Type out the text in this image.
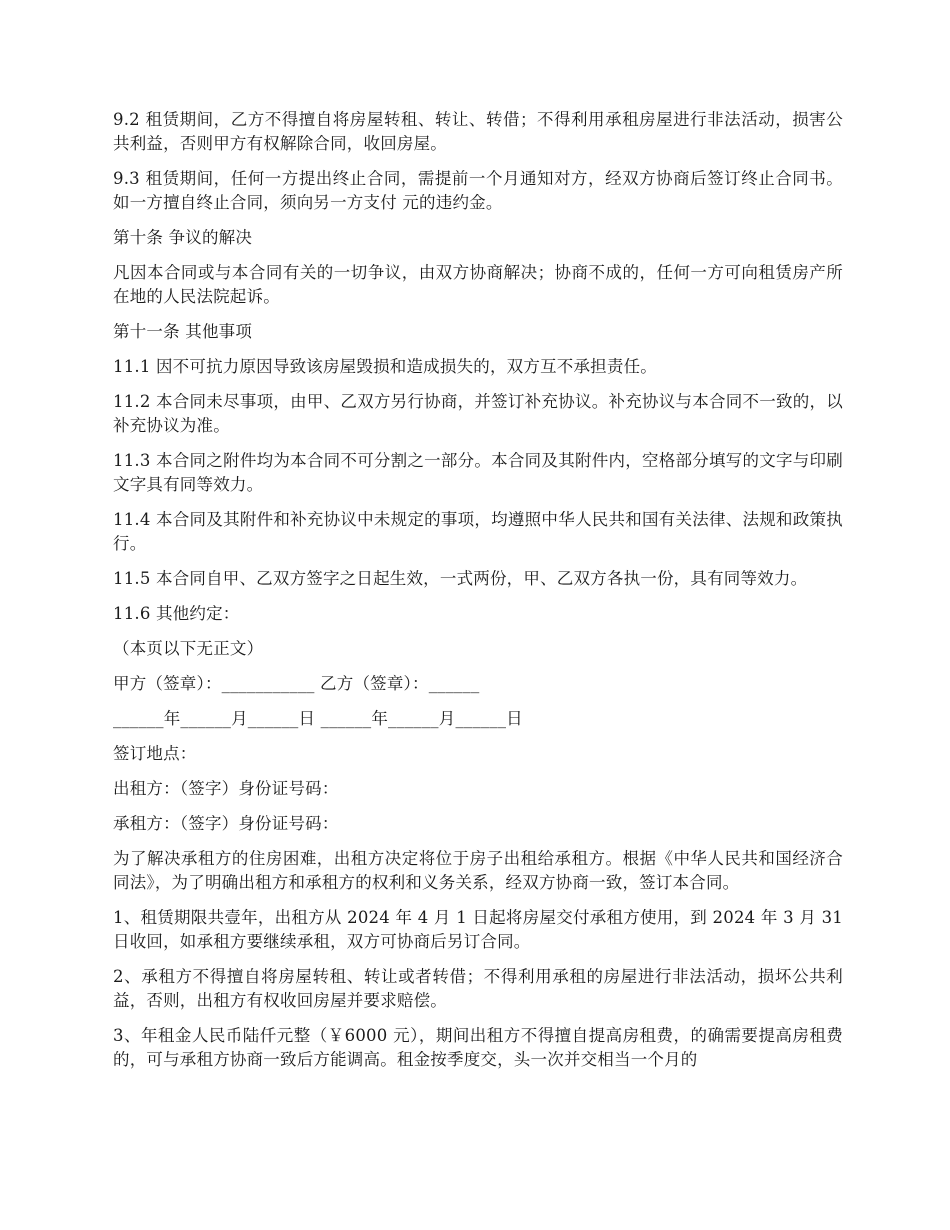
9.2 租赁期间，乙方不得擅自将房屋转租、转让、转借；不得利用承租房屋进行非法活动，损害公共利益，否则甲方有权解除合同，收回房屋。

9.3 租赁期间，任何一方提出终止合同，需提前一个月通知对方，经双方协商后签订终止合同书。如一方擅自终止合同，须向另一方支付 元的违约金。

第十条 争议的解决

凡因本合同或与本合同有关的一切争议，由双方协商解决；协商不成的，任何一方可向租赁房产所在地的人民法院起诉。

第十一条 其他事项

11.1 因不可抗力原因导致该房屋毁损和造成损失的，双方互不承担责任。

11.2 本合同未尽事项，由甲、乙双方另行协商，并签订补充协议。补充协议与本合同不一致的，以补充协议为准。

11.3 本合同之附件均为本合同不可分割之一部分。本合同及其附件内，空格部分填写的文字与印刷文字具有同等效力。

11.4 本合同及其附件和补充协议中未规定的事项，均遵照中华人民共和国有关法律、法规和政策执行。

11.5 本合同自甲、乙双方签字之日起生效，一式两份，甲、乙双方各执一份，具有同等效力。

11.6 其他约定：

（本页以下无正文）

甲方（签章）：___________ 乙方（签章）：______

______年______月______日 ______年______月______日

签订地点：

出租方：（签字）身份证号码：

承租方：（签字）身份证号码：

为了解决承租方的住房困难，出租方决定将位于房子出租给承租方。根据《中华人民共和国经济合同法》，为了明确出租方和承租方的权利和义务关系，经双方协商一致，签订本合同。

1、租赁期限共壹年，出租方从 2024 年 4 月 1 日起将房屋交付承租方使用，到 2024 年 3 月 31 日收回，如承租方要继续承租，双方可协商后另订合同。

2、承租方不得擅自将房屋转租、转让或者转借；不得利用承租的房屋进行非法活动，损坏公共利益，否则，出租方有权收回房屋并要求赔偿。

3、年租金人民币陆仟元整（￥6000 元），期间出租方不得擅自提高房租费，的确需要提高房租费的，可与承租方协商一致后方能调高。租金按季度交，头一次并交相当一个月的
